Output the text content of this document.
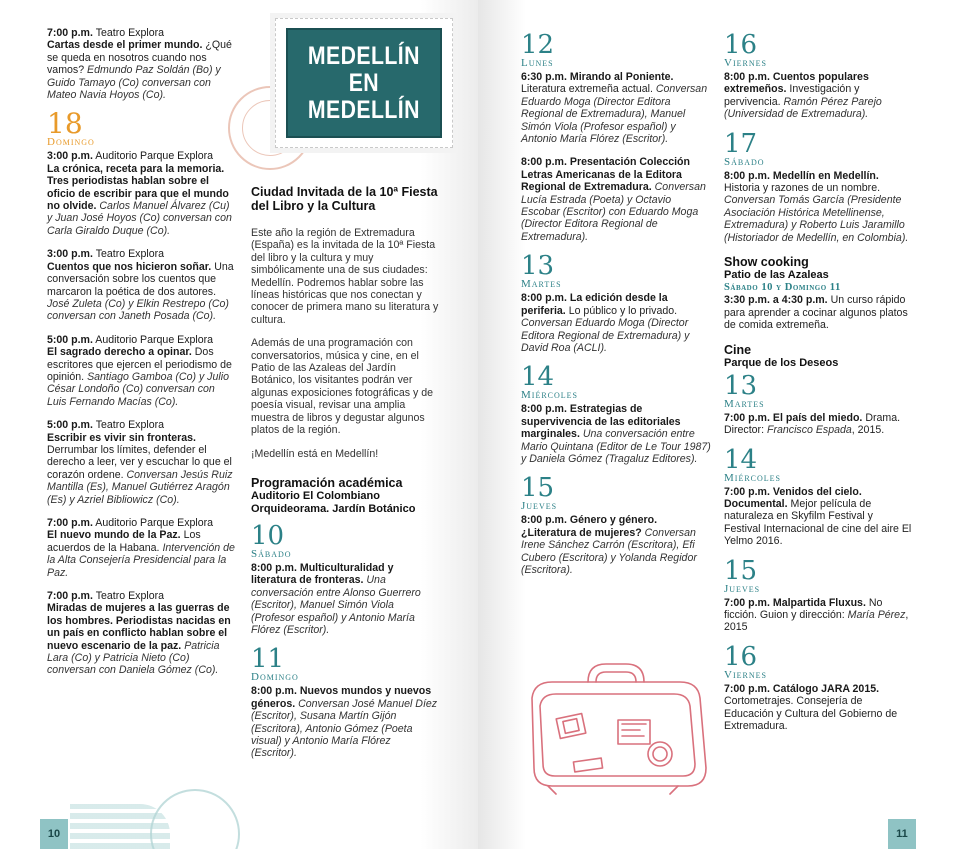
7:00 p.m. Teatro Explora
Cartas desde el primer mundo. ¿Qué se queda en nosotros cuando nos vamos? Edmundo Paz Soldán (Bo) y Guido Tamayo (Co) conversan con Mateo Navia Hoyos (Co).
18
Domingo
3:00 p.m. Auditorio Parque Explora
La crónica, receta para la memoria. Tres periodistas hablan sobre el oficio de escribir para que el mundo no olvide. Carlos Manuel Álvarez (Cu) y Juan José Hoyos (Co) conversan con Carla Giraldo Duque (Co).
3:00 p.m. Teatro Explora
Cuentos que nos hicieron soñar. Una conversación sobre los cuentos que marcaron la poética de dos autores. José Zuleta (Co) y Elkin Restrepo (Co) conversan con Janeth Posada (Co).
5:00 p.m. Auditorio Parque Explora
El sagrado derecho a opinar. Dos escritores que ejercen el periodismo de opinión. Santiago Gamboa (Co) y Julio César Londoño (Co) conversan con Luis Fernando Macías (Co).
5:00 p.m. Teatro Explora
Escribir es vivir sin fronteras. Derrumbar los límites, defender el derecho a leer, ver y escuchar lo que el corazón ordene. Conversan Jesús Ruiz Mantilla (Es), Manuel Gutiérrez Aragón (Es) y Azriel Bibliowicz (Co).
7:00 p.m. Auditorio Parque Explora
El nuevo mundo de la Paz. Los acuerdos de la Habana. Intervención de la Alta Consejería Presidencial para la Paz.
7:00 p.m. Teatro Explora
Miradas de mujeres a las guerras de los hombres. Periodistas nacidas en un país en conflicto hablan sobre el nuevo escenario de la paz. Patricia Lara (Co) y Patricia Nieto (Co) conversan con Daniela Gómez (Co).
MEDELLÍN
EN
MEDELLÍN
Ciudad Invitada de la 10ª Fiesta del Libro y la Cultura
Este año la región de Extremadura (España) es la invitada de la 10ª Fiesta del libro y la cultura y muy simbólicamente una de sus ciudades: Medellín. Podremos hablar sobre las líneas históricas que nos conectan y conocer de primera mano su literatura y cultura.
Además de una programación con conversatorios, música y cine, en el Patio de las Azaleas del Jardín Botánico, los visitantes podrán ver algunas exposiciones fotográficas y de poesía visual, revisar una amplia muestra de libros y degustar algunos platos de la región.
¡Medellín está en Medellín!
Programación académica
Auditorio El Colombiano
Orquideorama. Jardín Botánico
10
Sábado
8:00 p.m. Multiculturalidad y literatura de fronteras. Una conversación entre Alonso Guerrero (Escritor), Manuel Simón Viola (Profesor español) y Antonio María Flórez (Escritor).
11
Domingo
8:00 p.m. Nuevos mundos y nuevos géneros. Conversan José Manuel Díez (Escritor), Susana Martín Gijón (Escritora), Antonio Gómez (Poeta visual) y Antonio María Flórez (Escritor).
10
12
Lunes
6:30 p.m. Mirando al Poniente. Literatura extremeña actual. Conversan Eduardo Moga (Director Editora Regional de Extremadura), Manuel Simón Viola (Profesor español) y Antonio María Flórez (Escritor).
8:00 p.m. Presentación Colección Letras Americanas de la Editora Regional de Extremadura. Conversan Lucía Estrada (Poeta) y Octavio Escobar (Escritor) con Eduardo Moga (Director Editora Regional de Extremadura).
13
Martes
8:00 p.m. La edición desde la periferia. Lo público y lo privado. Conversan Eduardo Moga (Director Editora Regional de Extremadura) y David Roa (ACLI).
14
Miércoles
8:00 p.m. Estrategias de supervivencia de las editoriales marginales. Una conversación entre Mario Quintana (Editor de Le Tour 1987) y Daniela Gómez (Tragaluz Editores).
15
Jueves
8:00 p.m. Género y género. ¿Literatura de mujeres? Conversan Irene Sánchez Carrón (Escritora), Efi Cubero (Escritora) y Yolanda Regidor (Escritora).
16
Viernes
8:00 p.m. Cuentos populares extremeños. Investigación y pervivencia. Ramón Pérez Parejo (Universidad de Extremadura).
17
Sábado
8:00 p.m. Medellín en Medellín. Historia y razones de un nombre. Conversan Tomás García (Presidente Asociación Histórica Metellinense, Extremadura) y Roberto Luis Jaramillo (Historiador de Medellín, en Colombia).
Show cooking
Patio de las Azaleas
Sábado 10 y Domingo 11
3:30 p.m. a 4:30 p.m. Un curso rápido para aprender a cocinar algunos platos de comida extremeña.
Cine
Parque de los Deseos
13
Martes
7:00 p.m. El país del miedo. Drama. Director: Francisco Espada, 2015.
14
Miércoles
7:00 p.m. Venidos del cielo. Documental. Mejor película de naturaleza en Skyfilm Festival y Festival Internacional de cine del aire El Yelmo 2016.
15
Jueves
7:00 p.m. Malpartida Fluxus. No ficción. Guion y dirección: María Pérez, 2015
16
Viernes
7:00 p.m. Catálogo JARA 2015. Cortometrajes. Consejería de Educación y Cultura del Gobierno de Extremadura.
11
